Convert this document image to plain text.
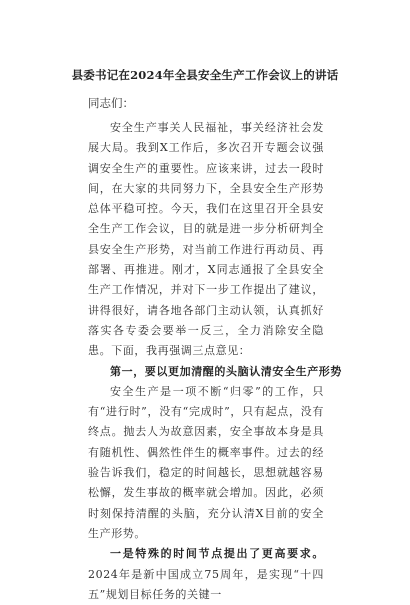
县委书记在2024年全县安全生产工作会议上的讲话
同志们：

安全生产事关人民福祉，事关经济社会发展大局。我到X工作后，多次召开专题会议强调安全生产的重要性。应该来讲，过去一段时间，在大家的共同努力下，全县安全生产形势总体平稳可控。今天，我们在这里召开全县安全生产工作会议，目的就是进一步分析研判全县安全生产形势，对当前工作进行再动员、再部署、再推进。刚才，X同志通报了全县安全生产工作情况，并对下一步工作提出了建议，讲得很好，请各地各部门主动认领，认真抓好落实各专委会要举一反三，全力消除安全隐患。下面，我再强调三点意见：

第一，要以更加清醒的头脑认清安全生产形势

安全生产是一项不断“归零”的工作，只有“进行时”，没有“完成时”，只有起点，没有终点。抛去人为故意因素，安全事故本身是具有随机性、偶然性伴生的概率事件。过去的经验告诉我们，稳定的时间越长，思想就越容易松懈，发生事故的概率就会增加。因此，必须时刻保持清醒的头脑，充分认清X目前的安全生产形势。

一是特殊的时间节点提出了更高要求。2024年是新中国成立75周年，是实现“十四五”规划目标任务的关键一
